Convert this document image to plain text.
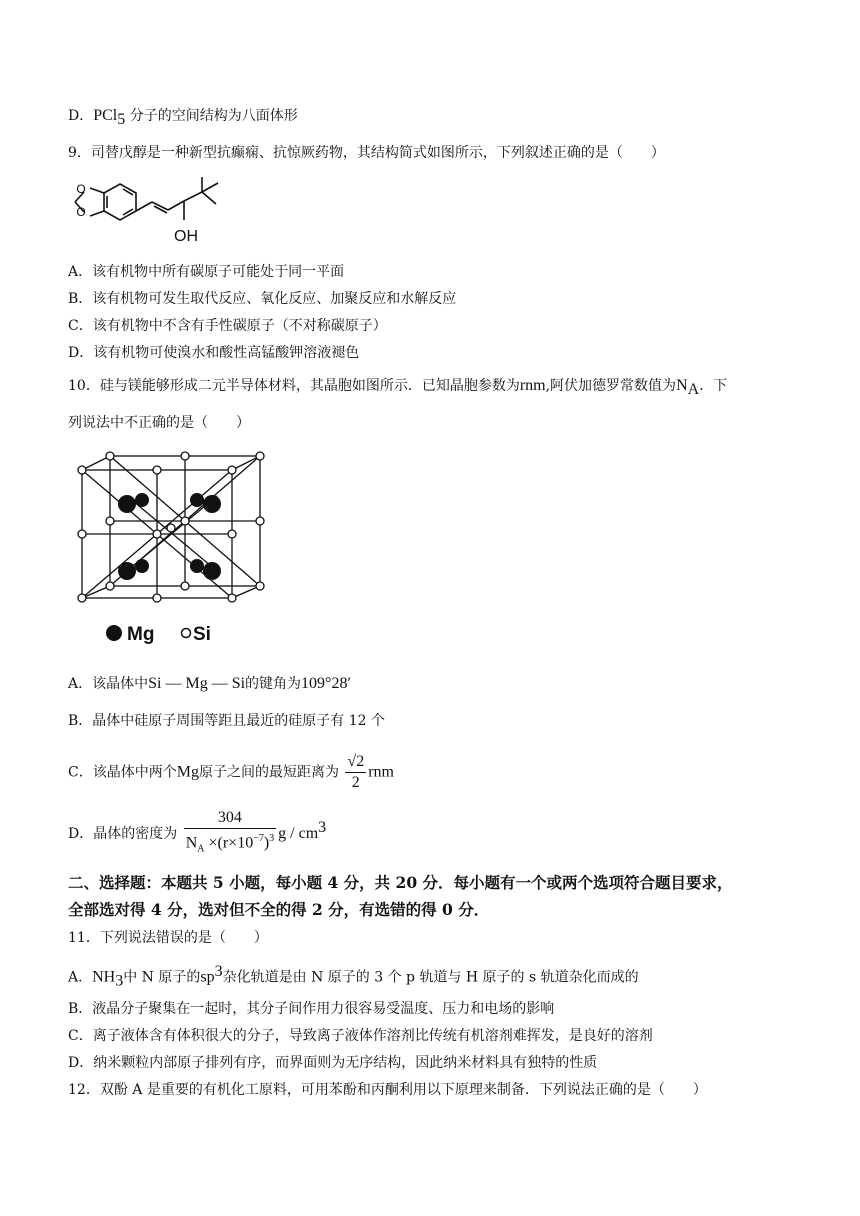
D．PCl$_5$ 分子的空间结构为八面体形
9．司替戊醇是一种新型抗癫痫、抗惊厥药物，其结构简式如图所示，下列叙述正确的是（　　）
O
O
OH
A．该有机物中所有碳原子可能处于同一平面
B．该有机物可发生取代反应、氧化反应、加聚反应和水解反应
C．该有机物中不含有手性碳原子（不对称碳原子）
D．该有机物可使溴水和酸性高锰酸钾溶液褪色
10．硅与镁能够形成二元半导体材料，其晶胞如图所示．已知晶胞参数为rnm,阿伏加德罗常数值为$N_A$．下
列说法中不正确的是（　　）
Mg Si
A．该晶体中Si — Mg — Si的键角为109°28′
B．晶体中硅原子周围等距且最近的硅原子有 12 个
C．该晶体中两个Mg原子之间的最短距离为 $\frac{√2}{2}$ rnm
D．晶体的密度为 $\frac{304}{N_A \times(r\times 10^{-7})^3}$ g / $cm^3$
二、选择题：本题共 5 小题，每小题 4 分，共 20 分．每小题有一个或两个选项符合题目要求，
全部选对得 4 分，选对但不全的得 2 分，有选错的得 0 分．
11．下列说法错误的是（　　）
A．$NH_3$中 N 原子的$sp^3$杂化轨道是由 N 原子的 3 个 p 轨道与 H 原子的 s 轨道杂化而成的
B．液晶分子聚集在一起时，其分子间作用力很容易受温度、压力和电场的影响
C．离子液体含有体积很大的分子，导致离子液体作溶剂比传统有机溶剂难挥发，是良好的溶剂
D．纳米颗粒内部原子排列有序，而界面则为无序结构，因此纳米材料具有独特的性质
12．双酚 A 是重要的有机化工原料，可用苯酚和丙酮利用以下原理来制备．下列说法正确的是（　　）
